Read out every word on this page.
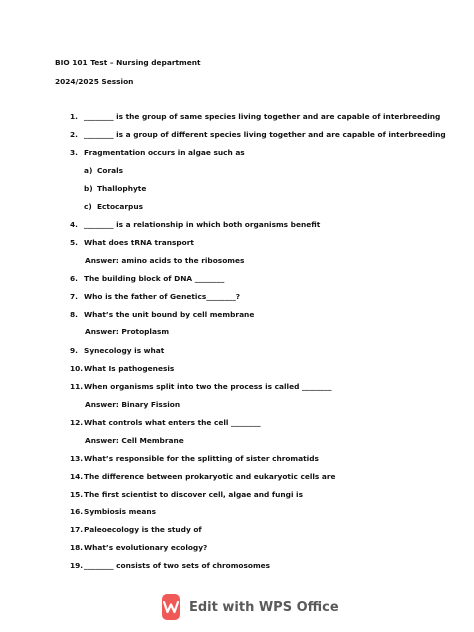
BIO 101 Test – Nursing department
2024/2025 Session
1. ________ is the group of same species living together and are capable of interbreeding
2. ________ is a group of different species living together and are capable of interbreeding
3. Fragmentation occurs in algae such as
a) Corals
b) Thallophyte
c) Ectocarpus
4. ________ is a relationship in which both organisms benefit
5. What does tRNA transport
Answer: amino acids to the ribosomes
6. The building block of DNA ________
7. Who is the father of Genetics________?
8. What’s the unit bound by cell membrane
Answer: Protoplasm
9. Synecology is what
10. What Is pathogenesis
11. When organisms split into two the process is called ________
Answer: Binary Fission
12. What controls what enters the cell ________
Answer: Cell Membrane
13. What’s responsible for the splitting of sister chromatids
14. The difference between prokaryotic and eukaryotic cells are
15. The first scientist to discover cell, algae and fungi is
16. Symbiosis means
17. Paleoecology is the study of
18. What’s evolutionary ecology?
19. ________ consists of two sets of chromosomes
Edit with WPS Office
